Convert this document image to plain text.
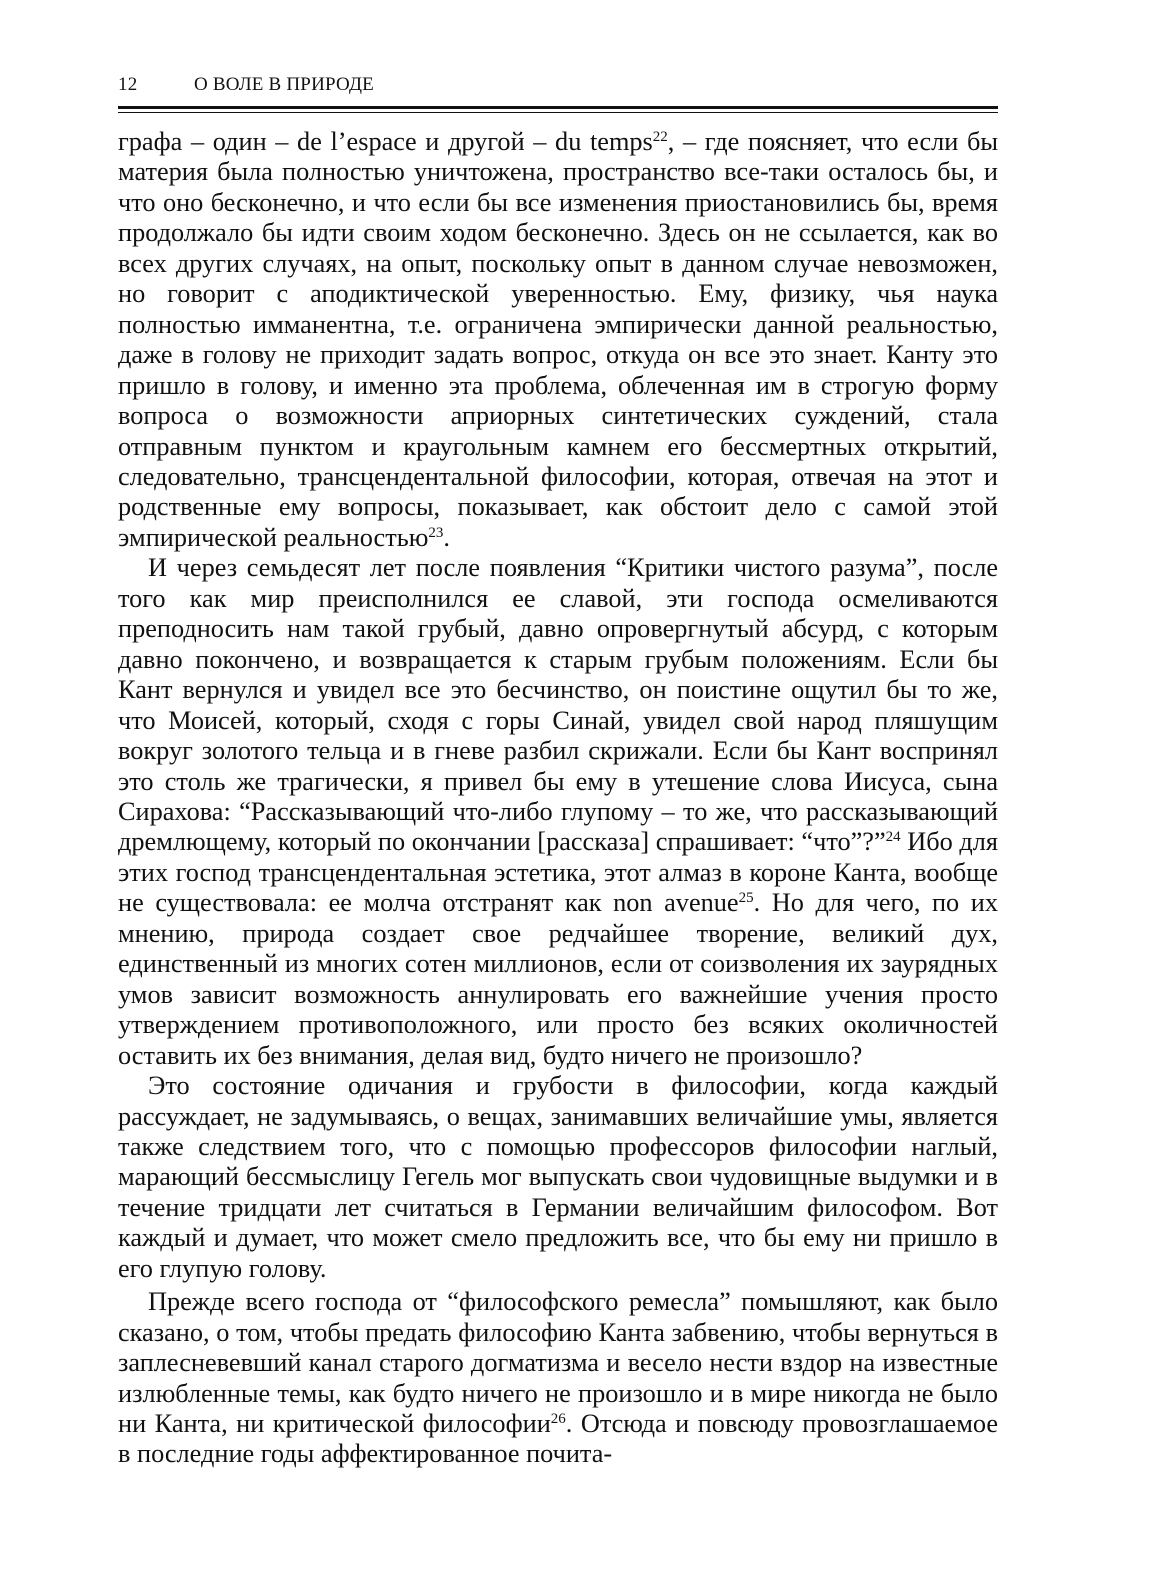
12	О ВОЛЕ В ПРИРОДЕ

графа – один – de l’espace и другой – du temps$^{22}$, – где поясняет, что если бы материя была полностью уничтожена, пространство все-таки осталось бы, и что оно бесконечно, и что если бы все изменения приостановились бы, время продолжало бы идти своим ходом бесконечно. Здесь он не ссылается, как во всех других случаях, на опыт, поскольку опыт в данном случае невозможен, но говорит с аподиктической уверенностью. Ему, физику, чья наука полностью имманентна, т.е. ограничена эмпирически данной реальностью, даже в голову не приходит задать вопрос, откуда он все это знает. Канту это пришло в голову, и именно эта проблема, облеченная им в строгую форму вопроса о возможности априорных синтетических суждений, стала отправным пунктом и краугольным камнем его бессмертных открытий, следовательно, трансцендентальной философии, которая, отвечая на этот и родственные ему вопросы, показывает, как обстоит дело с самой этой эмпирической реальностью$^{23}$.

И через семьдесят лет после появления “Критики чистого разума”, после того как мир преисполнился ее славой, эти господа осмеливаются преподносить нам такой грубый, давно опровергнутый абсурд, с которым давно покончено, и возвращается к старым грубым положениям. Если бы Кант вернулся и увидел все это бесчинство, он поистине ощутил бы то же, что Моисей, который, сходя с горы Синай, увидел свой народ пляшущим вокруг золотого тельца и в гневе разбил скрижали. Если бы Кант воспринял это столь же трагически, я привел бы ему в утешение слова Иисуса, сына Сирахова: “Рассказывающий что-либо глупому – то же, что рассказывающий дремлющему, который по окончании [рассказа] спрашивает: “что”?”$^{24}$ Ибо для этих господ трансцендентальная эстетика, этот алмаз в короне Канта, вообще не существовала: ее молча отстранят как non avenue$^{25}$. Но для чего, по их мнению, природа создает свое редчайшее творение, великий дух, единственный из многих сотен миллионов, если от соизволения их заурядных умов зависит возможность аннулировать его важнейшие учения просто утверждением противоположного, или просто без всяких околичностей оставить их без внимания, делая вид, будто ничего не произошло?

Это состояние одичания и грубости в философии, когда каждый рассуждает, не задумываясь, о вещах, занимавших величайшие умы, является также следствием того, что с помощью профессоров философии наглый, марающий бессмыслицу Гегель мог выпускать свои чудовищные выдумки и в течение тридцати лет считаться в Германии величайшим философом. Вот каждый и думает, что может смело предложить все, что бы ему ни пришло в его глупую голову.

Прежде всего господа от “философского ремесла” помышляют, как было сказано, о том, чтобы предать философию Канта забвению, чтобы вернуться в заплесневевший канал старого догматизма и весело нести вздор на известные излюбленные темы, как будто ничего не произошло и в мире никогда не было ни Канта, ни критической философии$^{26}$. Отсюда и повсюду провозглашаемое в последние годы аффектированное почита-
